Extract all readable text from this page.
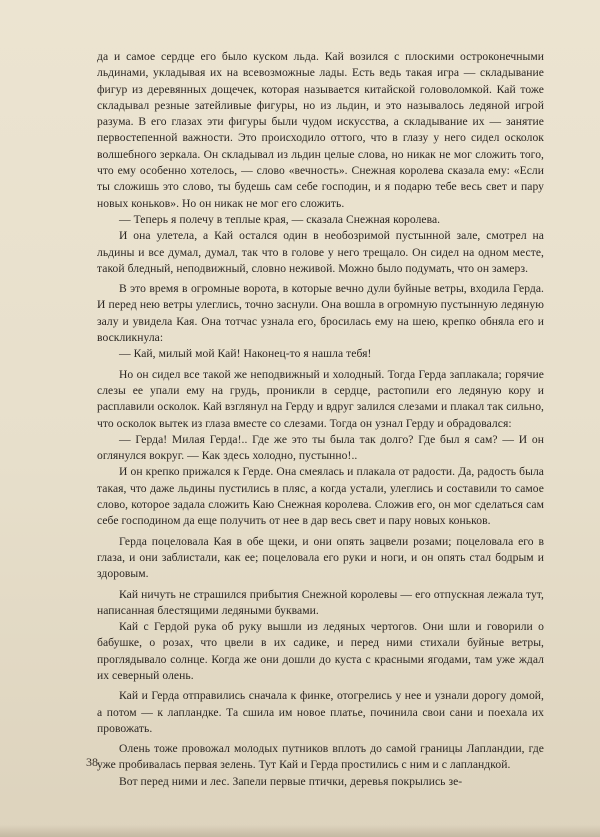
да и самое сердце его было куском льда. Кай возился с плоскими остроконечными льдинами, укладывая их на всевозможные лады. Есть ведь такая игра — складывание фигур из деревянных дощечек, которая называется китайской головоломкой. Кай тоже складывал резные затейливые фигуры, но из льдин, и это называлось ледяной игрой разума. В его глазах эти фигуры были чудом искусства, а складывание их — занятие первостепенной важности. Это происходило оттого, что в глазу у него сидел осколок волшебного зеркала. Он складывал из льдин целые слова, но никак не мог сложить того, что ему особенно хотелось, — слово «вечность». Снежная королева сказала ему: «Если ты сложишь это слово, ты будешь сам себе господин, и я подарю тебе весь свет и пару новых коньков». Но он никак не мог его сложить.

— Теперь я полечу в теплые края, — сказала Снежная королева.

И она улетела, а Кай остался один в необозримой пустынной зале, смотрел на льдины и все думал, думал, так что в голове у него трещало. Он сидел на одном месте, такой бледный, неподвижный, словно неживой. Можно было подумать, что он замерз.

В это время в огромные ворота, в которые вечно дули буйные ветры, входила Герда. И перед нею ветры улеглись, точно заснули. Она вошла в огромную пустынную ледяную залу и увидела Кая. Она тотчас узнала его, бросилась ему на шею, крепко обняла его и воскликнула:

— Кай, милый мой Кай! Наконец-то я нашла тебя!

Но он сидел все такой же неподвижный и холодный. Тогда Герда заплакала; горячие слезы ее упали ему на грудь, проникли в сердце, растопили его ледяную кору и расплавили осколок. Кай взглянул на Герду и вдруг залился слезами и плакал так сильно, что осколок вытек из глаза вместе со слезами. Тогда он узнал Герду и обрадовался:

— Герда! Милая Герда!.. Где же это ты была так долго? Где был я сам? — И он оглянулся вокруг. — Как здесь холодно, пустынно!..

И он крепко прижался к Герде. Она смеялась и плакала от радости. Да, радость была такая, что даже льдины пустились в пляс, а когда устали, улеглись и составили то самое слово, которое задала сложить Каю Снежная королева. Сложив его, он мог сделаться сам себе господином да еще получить от нее в дар весь свет и пару новых коньков.

Герда поцеловала Кая в обе щеки, и они опять зацвели розами; поцеловала его в глаза, и они заблистали, как ее; поцеловала его руки и ноги, и он опять стал бодрым и здоровым.

Кай ничуть не страшился прибытия Снежной королевы — его отпускная лежала тут, написанная блестящими ледяными буквами.

Кай с Гердой рука об руку вышли из ледяных чертогов. Они шли и говорили о бабушке, о розах, что цвели в их садике, и перед ними стихали буйные ветры, проглядывало солнце. Когда же они дошли до куста с красными ягодами, там уже ждал их северный олень.

Кай и Герда отправились сначала к финке, отогрелись у нее и узнали дорогу домой, а потом — к лапландке. Та сшила им новое платье, починила свои сани и поехала их провожать.

Олень тоже провожал молодых путников вплоть до самой границы Лапландии, где уже пробивалась первая зелень. Тут Кай и Герда простились с ним и с лапландкой.

Вот перед ними и лес. Запели первые птички, деревья покрылись зе-

38
